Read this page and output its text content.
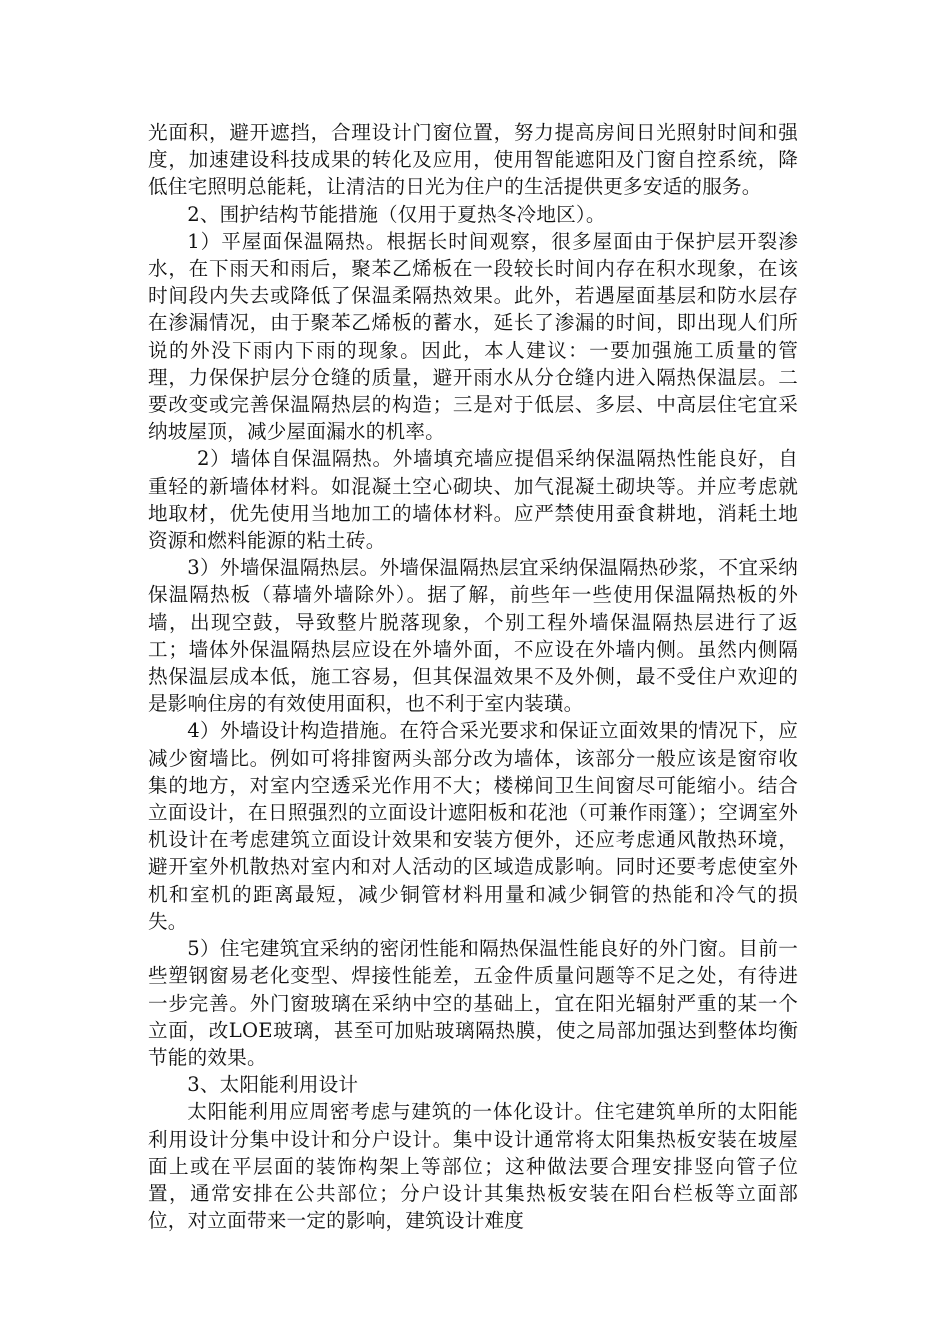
光面积，避开遮挡，合理设计门窗位置，努力提高房间日光照射时间和强度，加速建设科技成果的转化及应用，使用智能遮阳及门窗自控系统，降低住宅照明总能耗，让清洁的日光为住户的生活提供更多安适的服务。

2、围护结构节能措施（仅用于夏热冬冷地区）。

1）平屋面保温隔热。根据长时间观察，很多屋面由于保护层开裂渗水，在下雨天和雨后，聚苯乙烯板在一段较长时间内存在积水现象，在该时间段内失去或降低了保温柔隔热效果。此外，若遇屋面基层和防水层存在渗漏情况，由于聚苯乙烯板的蓄水，延长了渗漏的时间，即出现人们所说的外没下雨内下雨的现象。因此，本人建议：一要加强施工质量的管理，力保保护层分仓缝的质量，避开雨水从分仓缝内进入隔热保温层。二要改变或完善保温隔热层的构造；三是对于低层、多层、中高层住宅宜采纳坡屋顶，减少屋面漏水的机率。

2）墙体自保温隔热。外墙填充墙应提倡采纳保温隔热性能良好，自重轻的新墙体材料。如混凝土空心砌块、加气混凝土砌块等。并应考虑就地取材，优先使用当地加工的墙体材料。应严禁使用蚕食耕地，消耗土地资源和燃料能源的粘土砖。

3）外墙保温隔热层。外墙保温隔热层宜采纳保温隔热砂浆，不宜采纳保温隔热板（幕墙外墙除外）。据了解，前些年一些使用保温隔热板的外墙，出现空鼓，导致整片脱落现象，个别工程外墙保温隔热层进行了返工；墙体外保温隔热层应设在外墙外面，不应设在外墙内侧。虽然内侧隔热保温层成本低，施工容易，但其保温效果不及外侧，最不受住户欢迎的是影响住房的有效使用面积，也不利于室内装璜。

4）外墙设计构造措施。在符合采光要求和保证立面效果的情况下，应减少窗墙比。例如可将排窗两头部分改为墙体，该部分一般应该是窗帘收集的地方，对室内空透采光作用不大；楼梯间卫生间窗尽可能缩小。结合立面设计，在日照强烈的立面设计遮阳板和花池（可兼作雨篷）；空调室外机设计在考虑建筑立面设计效果和安装方便外，还应考虑通风散热环境，避开室外机散热对室内和对人活动的区域造成影响。同时还要考虑使室外机和室机的距离最短，减少铜管材料用量和减少铜管的热能和冷气的损失。

5）住宅建筑宜采纳的密闭性能和隔热保温性能良好的外门窗。目前一些塑钢窗易老化变型、焊接性能差，五金件质量问题等不足之处，有待进一步完善。外门窗玻璃在采纳中空的基础上，宜在阳光辐射严重的某一个立面，改LOE玻璃，甚至可加贴玻璃隔热膜，使之局部加强达到整体均衡节能的效果。

3、太阳能利用设计

太阳能利用应周密考虑与建筑的一体化设计。住宅建筑单所的太阳能利用设计分集中设计和分户设计。集中设计通常将太阳集热板安装在坡屋面上或在平层面的装饰构架上等部位；这种做法要合理安排竖向管子位置，通常安排在公共部位；分户设计其集热板安装在阳台栏板等立面部位，对立面带来一定的影响，建筑设计难度
